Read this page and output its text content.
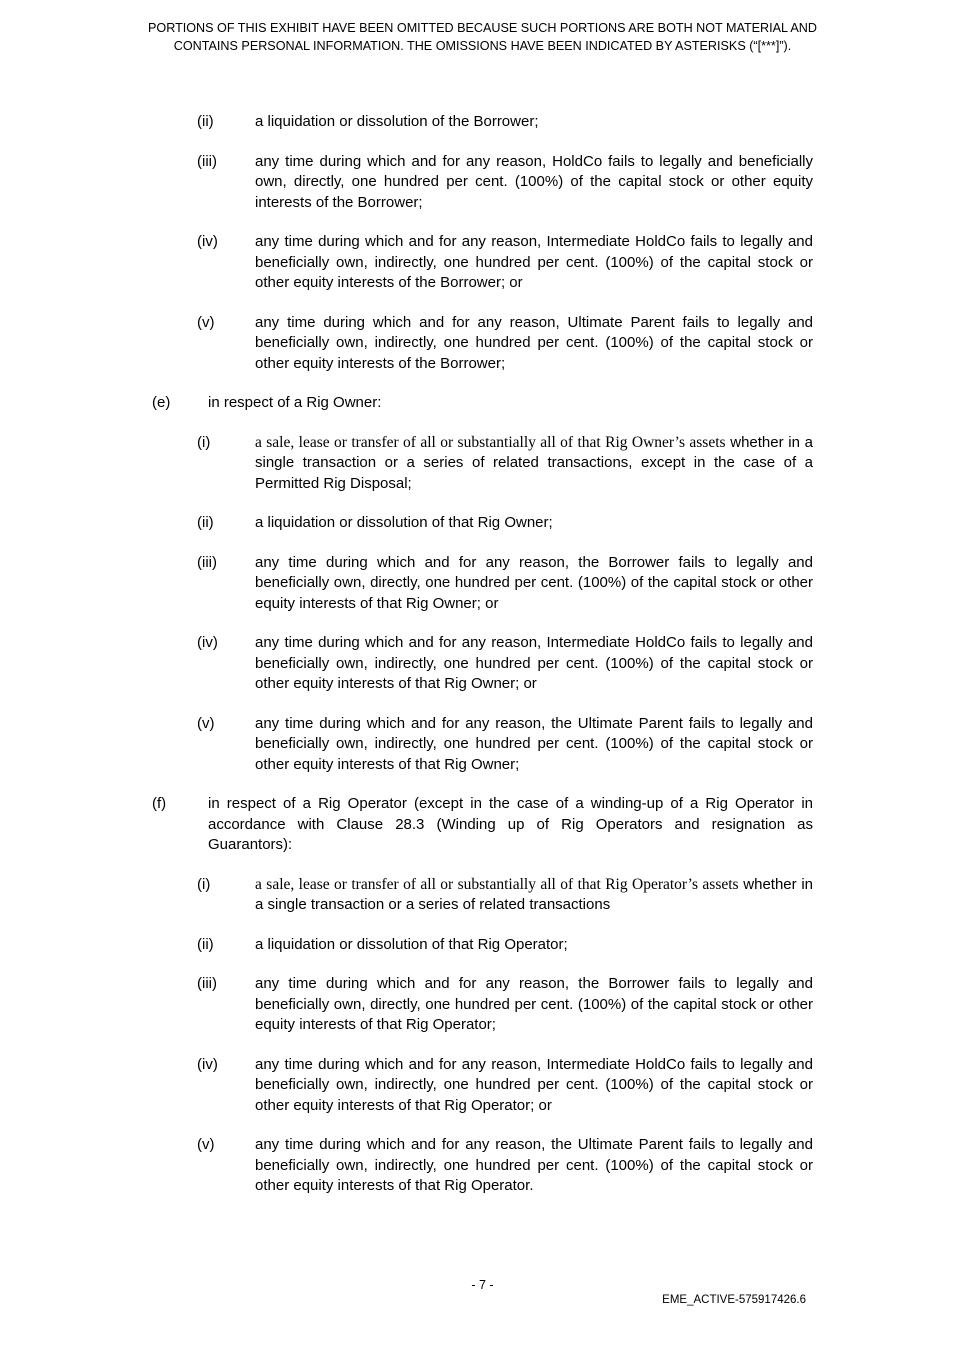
PORTIONS OF THIS EXHIBIT HAVE BEEN OMITTED BECAUSE SUCH PORTIONS ARE BOTH NOT MATERIAL AND
CONTAINS PERSONAL INFORMATION. THE OMISSIONS HAVE BEEN INDICATED BY ASTERISKS (“[***]”).
(ii)	a liquidation or dissolution of the Borrower;
(iii)	any time during which and for any reason, HoldCo fails to legally and beneficially own, directly, one hundred per cent. (100%) of the capital stock or other equity interests of the Borrower;
(iv)	any time during which and for any reason, Intermediate HoldCo fails to legally and beneficially own, indirectly, one hundred per cent. (100%) of the capital stock or other equity interests of the Borrower; or
(v)	any time during which and for any reason, Ultimate Parent fails to legally and beneficially own, indirectly, one hundred per cent. (100%) of the capital stock or other equity interests of the Borrower;
(e)	in respect of a Rig Owner:
(i)	a sale, lease or transfer of all or substantially all of that Rig Owner’s assets whether in a single transaction or a series of related transactions, except in the case of a Permitted Rig Disposal;
(ii)	a liquidation or dissolution of that Rig Owner;
(iii)	any time during which and for any reason, the Borrower fails to legally and beneficially own, directly, one hundred per cent. (100%) of the capital stock or other equity interests of that Rig Owner; or
(iv)	any time during which and for any reason, Intermediate HoldCo fails to legally and beneficially own, indirectly, one hundred per cent. (100%) of the capital stock or other equity interests of that Rig Owner; or
(v)	any time during which and for any reason, the Ultimate Parent fails to legally and beneficially own, indirectly, one hundred per cent. (100%) of the capital stock or other equity interests of that Rig Owner;
(f)	in respect of a Rig Operator (except in the case of a winding-up of a Rig Operator in accordance with Clause 28.3 (Winding up of Rig Operators and resignation as Guarantors):
(i)	a sale, lease or transfer of all or substantially all of that Rig Operator’s assets whether in a single transaction or a series of related transactions
(ii)	a liquidation or dissolution of that Rig Operator;
(iii)	any time during which and for any reason, the Borrower fails to legally and beneficially own, directly, one hundred per cent. (100%) of the capital stock or other equity interests of that Rig Operator;
(iv)	any time during which and for any reason, Intermediate HoldCo fails to legally and beneficially own, indirectly, one hundred per cent. (100%) of the capital stock or other equity interests of that Rig Operator; or
(v)	any time during which and for any reason, the Ultimate Parent fails to legally and beneficially own, indirectly, one hundred per cent. (100%) of the capital stock or other equity interests of that Rig Operator.
- 7 -
EME_ACTIVE-575917426.6
